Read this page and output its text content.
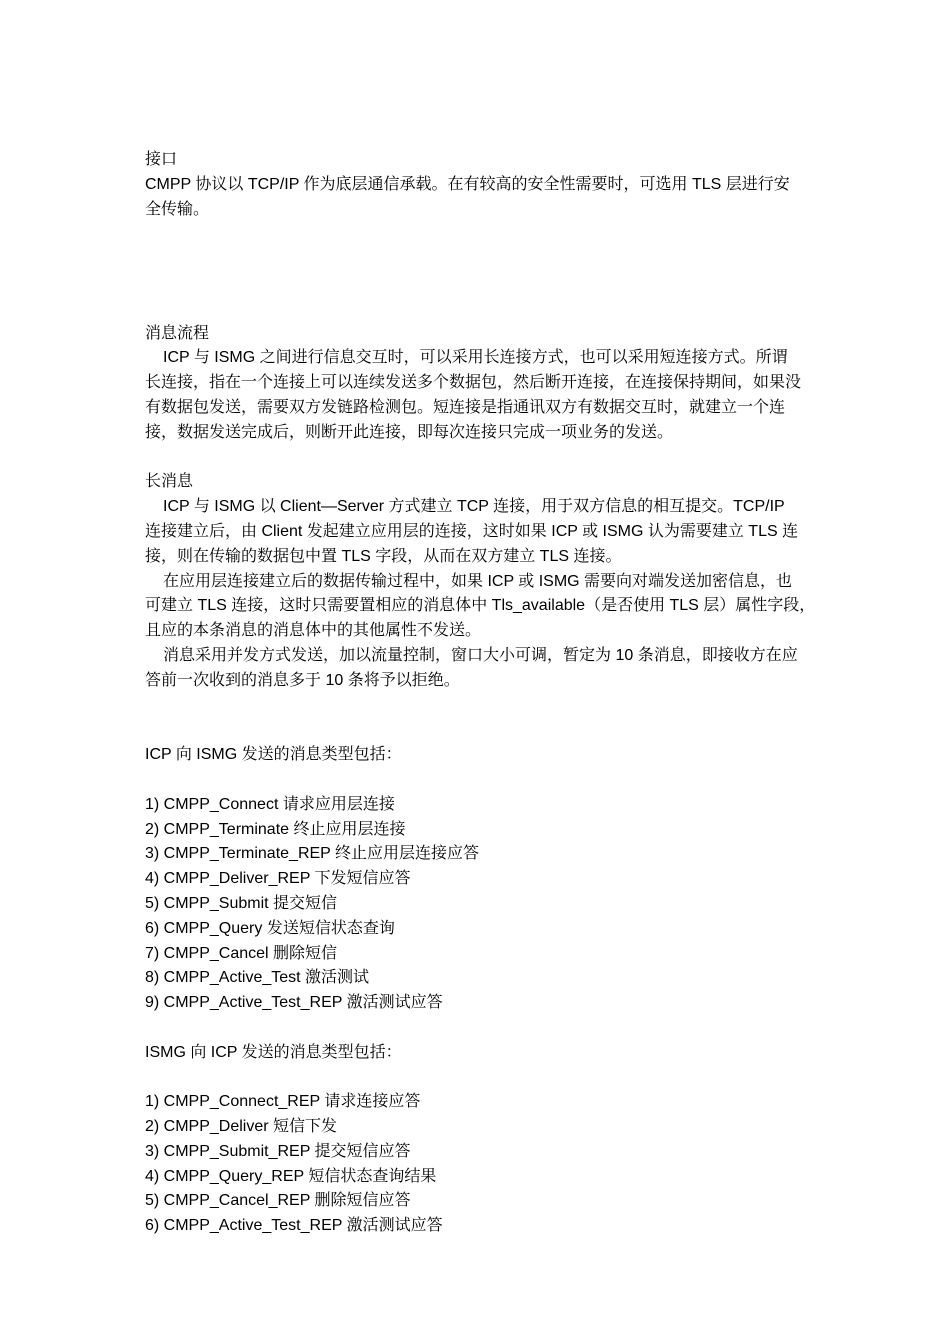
接口
CMPP 协议以 TCP/IP 作为底层通信承载。在有较高的安全性需要时，可选用 TLS 层进行安
全传输。
消息流程
ICP 与 ISMG 之间进行信息交互时，可以采用长连接方式，也可以采用短连接方式。所谓
长连接，指在一个连接上可以连续发送多个数据包，然后断开连接，在连接保持期间，如果没
有数据包发送，需要双方发链路检测包。短连接是指通讯双方有数据交互时，就建立一个连
接，数据发送完成后，则断开此连接，即每次连接只完成一项业务的发送。
长消息
ICP 与 ISMG 以 Client—Server 方式建立 TCP 连接，用于双方信息的相互提交。TCP/IP
连接建立后，由 Client 发起建立应用层的连接，这时如果 ICP 或 ISMG 认为需要建立 TLS 连
接，则在传输的数据包中置 TLS 字段，从而在双方建立 TLS 连接。
在应用层连接建立后的数据传输过程中，如果 ICP 或 ISMG 需要向对端发送加密信息，也
可建立 TLS 连接，这时只需要置相应的消息体中 Tls_available（是否使用 TLS 层）属性字段，
且应的本条消息的消息体中的其他属性不发送。
消息采用并发方式发送，加以流量控制，窗口大小可调，暂定为 10 条消息，即接收方在应
答前一次收到的消息多于 10 条将予以拒绝。
ICP 向 ISMG 发送的消息类型包括：
1) CMPP_Connect 请求应用层连接
2) CMPP_Terminate 终止应用层连接
3) CMPP_Terminate_REP 终止应用层连接应答
4) CMPP_Deliver_REP 下发短信应答
5) CMPP_Submit 提交短信
6) CMPP_Query 发送短信状态查询
7) CMPP_Cancel 删除短信
8) CMPP_Active_Test 激活测试
9) CMPP_Active_Test_REP 激活测试应答
ISMG 向 ICP 发送的消息类型包括：
1) CMPP_Connect_REP 请求连接应答
2) CMPP_Deliver 短信下发
3) CMPP_Submit_REP 提交短信应答
4) CMPP_Query_REP 短信状态查询结果
5) CMPP_Cancel_REP 删除短信应答
6) CMPP_Active_Test_REP 激活测试应答
